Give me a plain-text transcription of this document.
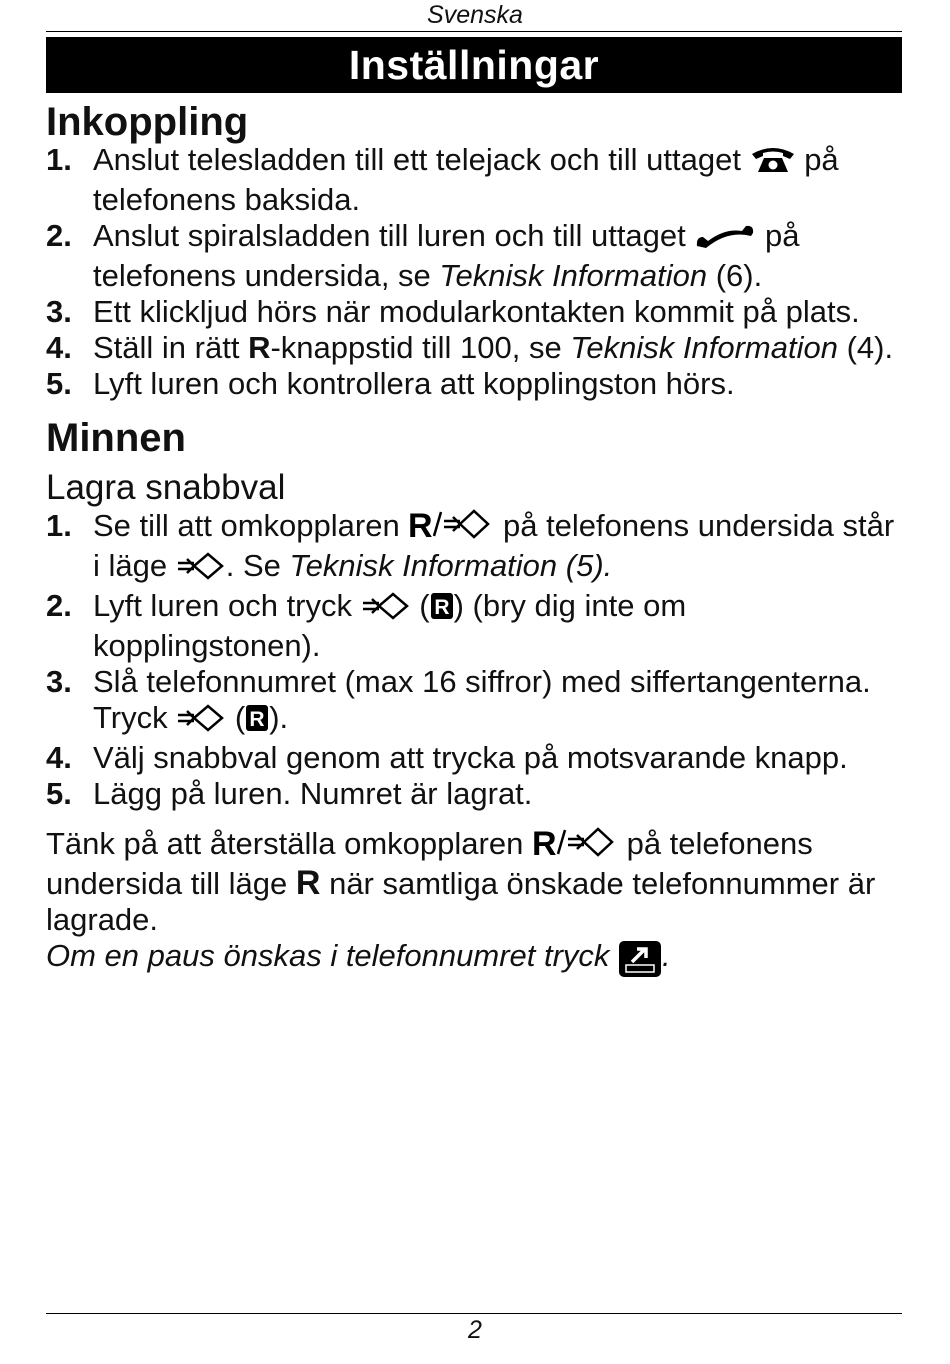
Svenska
Inställningar
Inkoppling
1. Anslut telesladden till ett telejack och till uttaget på telefonens baksida.
2. Anslut spiralsladden till luren och till uttaget	på telefonens undersida, se Teknisk Information (6).
3. Ett klickljud hörs när modularkontakten kommit på plats.
4. Ställ in rätt R-knappstid till 100, se Teknisk Information (4).
5. Lyft luren och kontrollera att kopplingston hörs.
Minnen
Lagra snabbval
1. Se till att omkopplaren R på telefonens undersida står i läge . Se Teknisk Information (5).
2. Lyft luren och tryck ( R ) (bry dig inte om kopplingstonen).
3. Slå telefonnumret (max 16 siffror) med siffertangenterna. Tryck ( R ).
4. Välj snabbval genom att trycka på motsvarande knapp.
5. Lägg på luren. Numret är lagrat.

Tänk på att återställa omkopplaren R på telefonens undersida till läge R när samtliga önskade telefonnummer är lagrade.

Om en paus önskas i telefonnumret tryck .

2
